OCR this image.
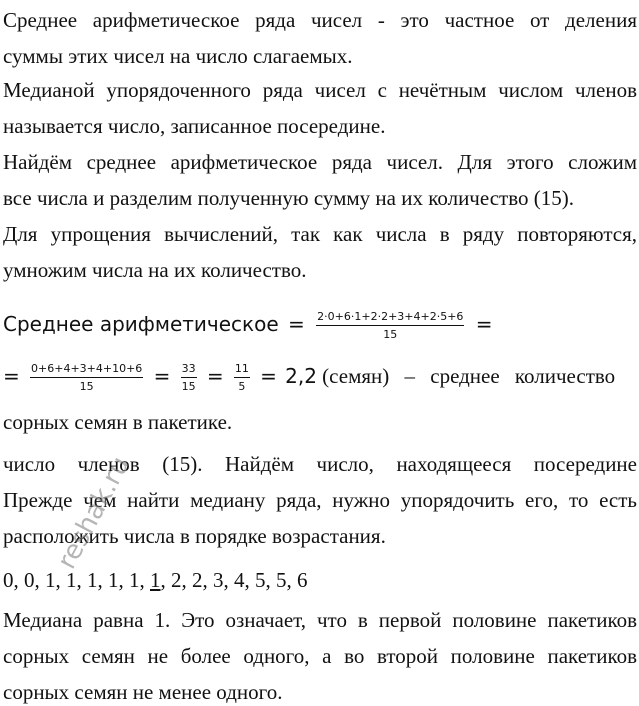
Среднее арифметическое ряда чисел - это частное от деления
суммы этих чисел на число слагаемых.
Медианой упорядоченного ряда чисел с нечётным числом членов
называется число, записанное посередине.
Найдём среднее арифметическое ряда чисел. Для этого сложим
все числа и разделим полученную сумму на их количество (15).
Для упрощения вычислений, так как числа в ряду повторяются,
умножим числа на их количество.
Среднее арифметическое = $\frac{2\cdot 0+6\cdot 1+2\cdot 2+3+4+2\cdot 5+6}{15}$ =
= $\frac{0+6+4+3+4+10+6}{15} = \frac{33}{15} = \frac{11}{5} = 2,2$ (семян) – среднее количество
сорных семян в пакетике.
число членов (15). Найдём число, находящееся посередине
Прежде чем найти медиану ряда, нужно упорядочить его, то есть
расположить числа в порядке возрастания.
0, 0, 1, 1, 1, 1, 1, 1, 2, 2, 3, 4, 5, 5, 6
Медиана равна 1. Это означает, что в первой половине пакетиков
сорных семян не более одного, а во второй половине пакетиков
сорных семян не менее одного.
reshak.ru
